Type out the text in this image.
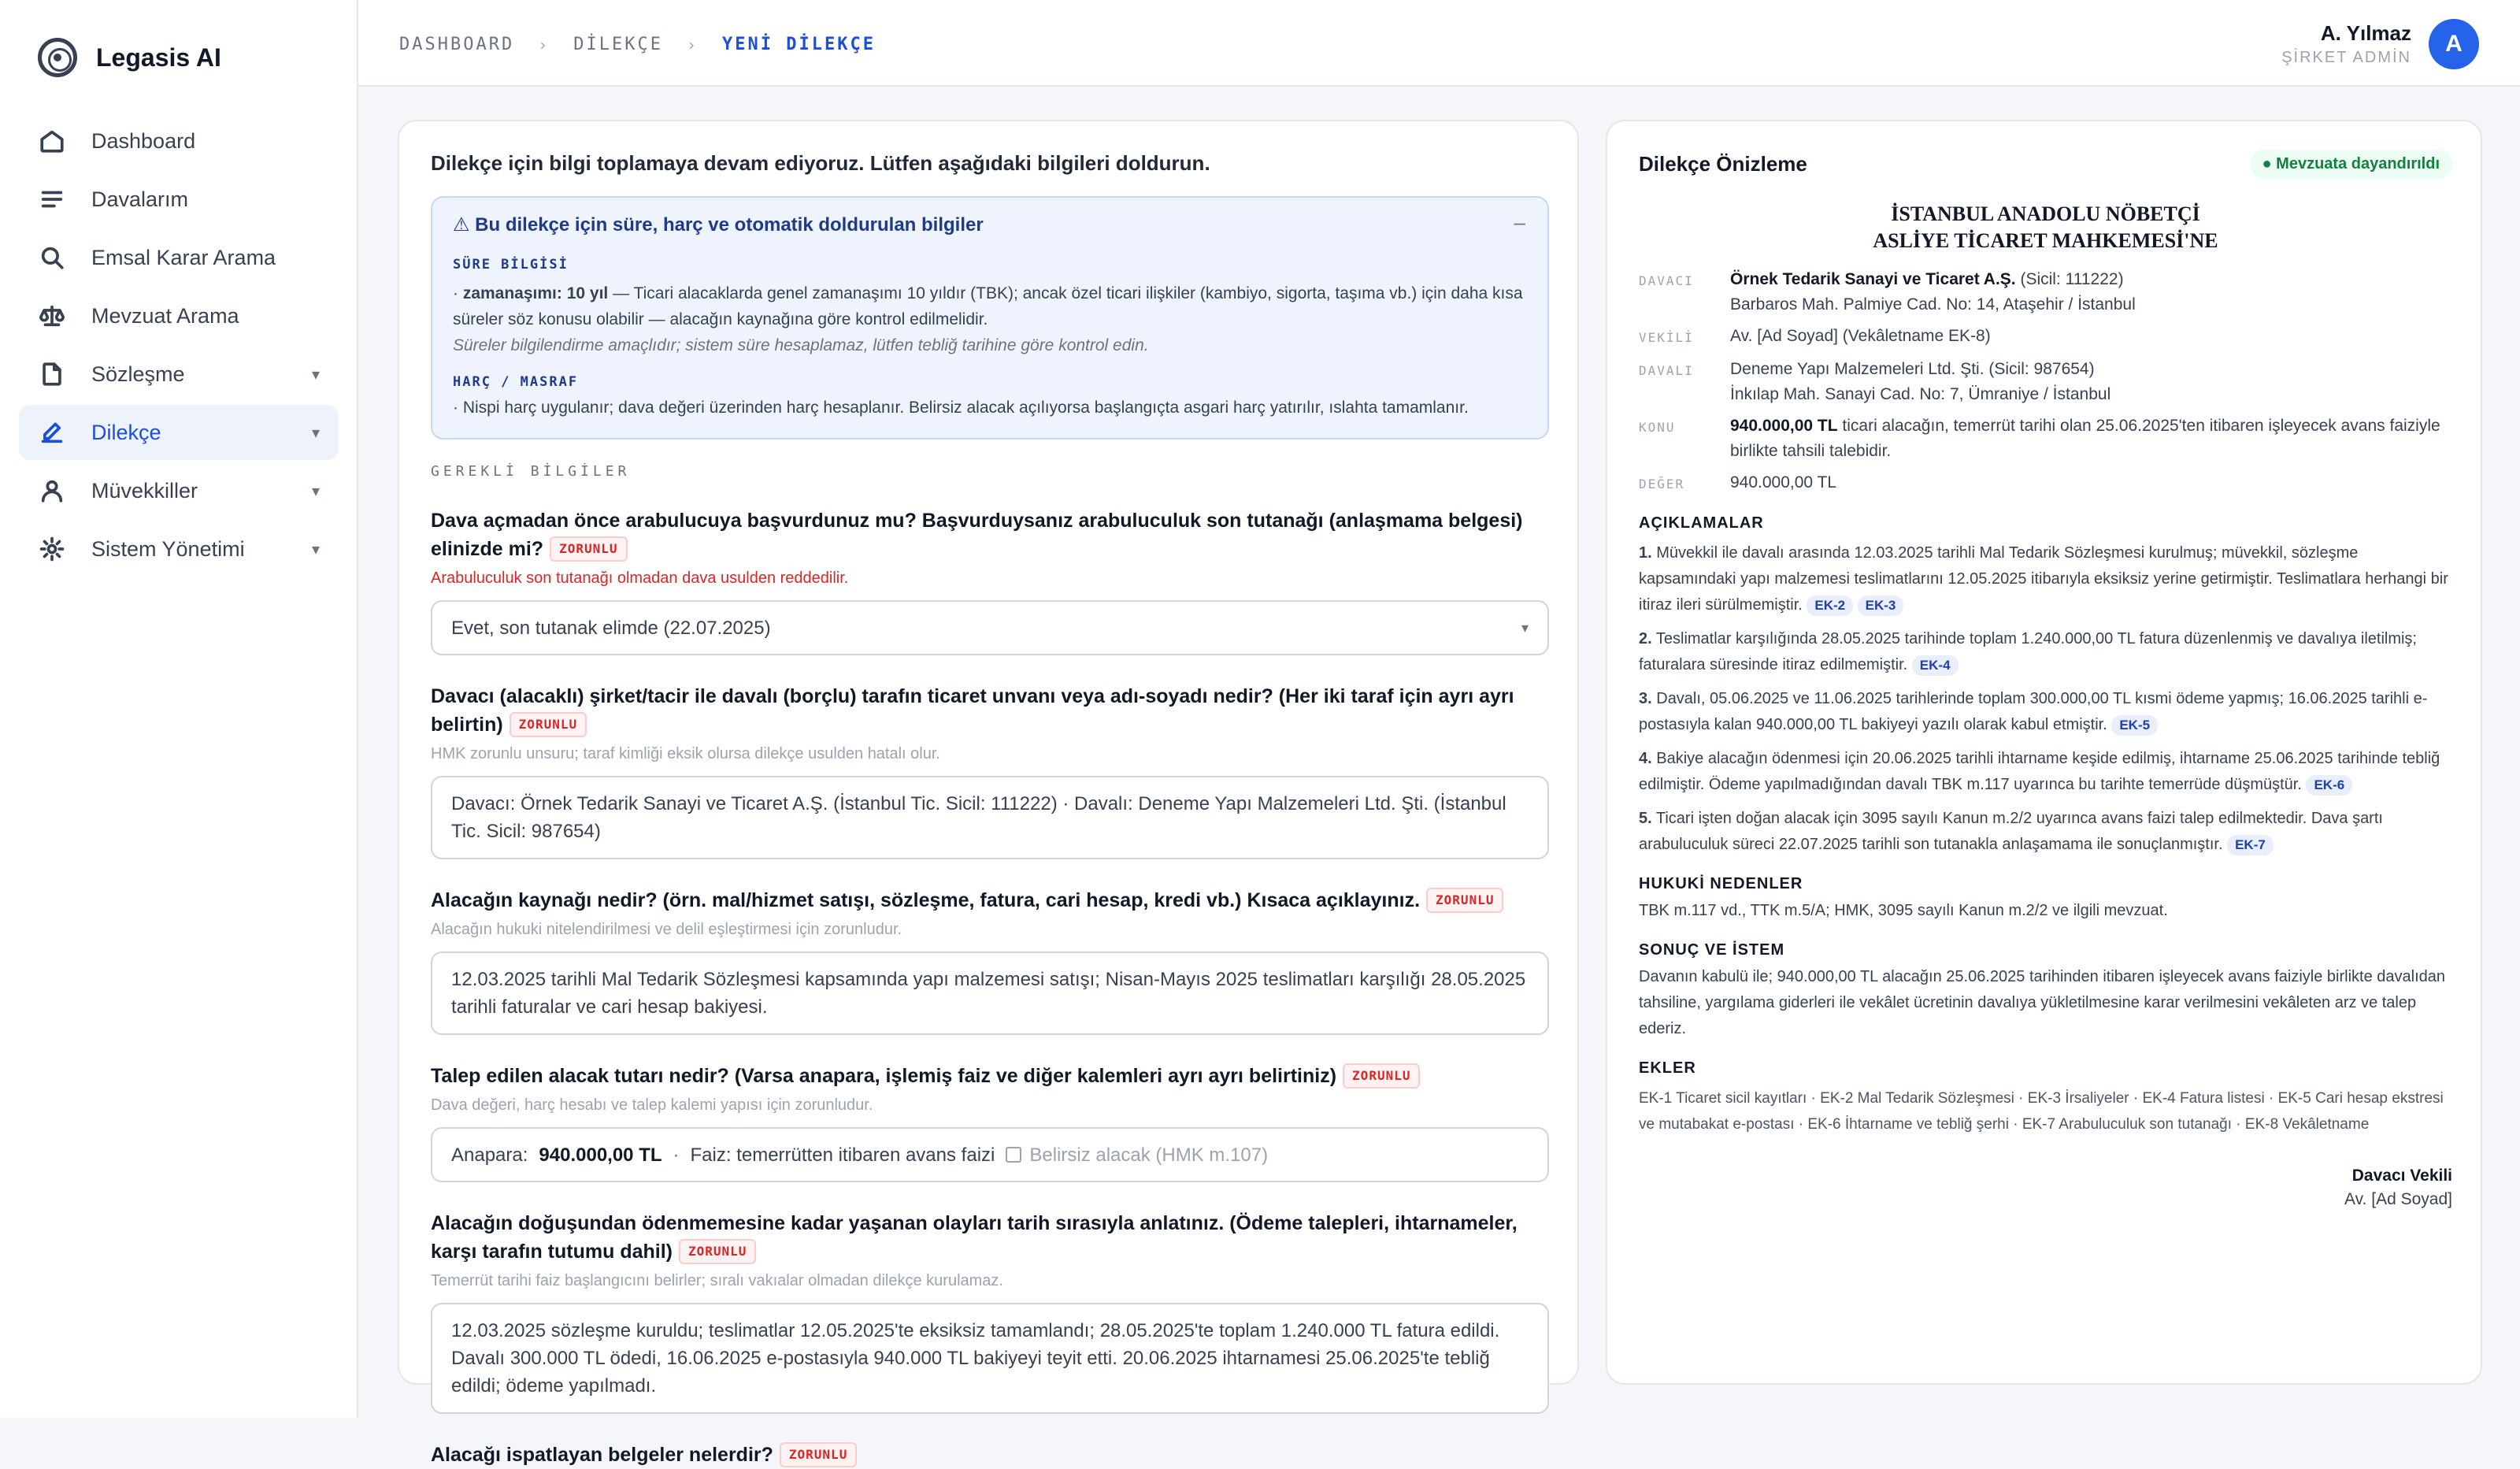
Legasis AI
Dashboard
Davalarım
Emsal Karar Arama
Mevzuat Arama
Sözleşme	▾
Dilekçe	▾
Müvekkiller	▾
Sistem Yönetimi	▾
DASHBOARD › DİLEKÇE › YENİ DİLEKÇE	A. Yılmaz
ŞİRKET ADMİN
A
Dilekçe için bilgi toplamaya devam ediyoruz. Lütfen aşağıdaki bilgileri doldurun.
⚠ Bu dilekçe için süre, harç ve otomatik doldurulan bilgiler	–
SÜRE BİLGİSİ
· zamanaşımı: 10 yıl — Ticari alacaklarda genel zamanaşımı 10 yıldır (TBK); ancak özel ticari ilişkiler (kambiyo, sigorta, taşıma vb.) için daha kısa süreler söz konusu olabilir — alacağın kaynağına göre kontrol edilmelidir.
Süreler bilgilendirme amaçlıdır; sistem süre hesaplamaz, lütfen tebliğ tarihine göre kontrol edin.
HARÇ / MASRAF
· Nispi harç uygulanır; dava değeri üzerinden harç hesaplanır. Belirsiz alacak açılıyorsa başlangıçta asgari harç yatırılır, ıslahta tamamlanır.
GEREKLİ BİLGİLER
Dava açmadan önce arabulucuya başvurdunuz mu? Başvurduysanız arabuluculuk son tutanağı (anlaşmama belgesi) elinizde mi? ZORUNLU
Arabuluculuk son tutanağı olmadan dava usulden reddedilir.
Evet, son tutanak elimde (22.07.2025)	▾
Davacı (alacaklı) şirket/tacir ile davalı (borçlu) tarafın ticaret unvanı veya adı-soyadı nedir? (Her iki taraf için ayrı ayrı belirtin) ZORUNLU
HMK zorunlu unsuru; taraf kimliği eksik olursa dilekçe usulden hatalı olur.
Davacı: Örnek Tedarik Sanayi ve Ticaret A.Ş. (İstanbul Tic. Sicil: 111222) · Davalı: Deneme Yapı Malzemeleri Ltd. Şti. (İstanbul Tic. Sicil: 987654)
Alacağın kaynağı nedir? (örn. mal/hizmet satışı, sözleşme, fatura, cari hesap, kredi vb.) Kısaca açıklayınız. ZORUNLU
Alacağın hukuki nitelendirilmesi ve delil eşleştirmesi için zorunludur.
12.03.2025 tarihli Mal Tedarik Sözleşmesi kapsamında yapı malzemesi satışı; Nisan-Mayıs 2025 teslimatları karşılığı 28.05.2025 tarihli faturalar ve cari hesap bakiyesi.
Talep edilen alacak tutarı nedir? (Varsa anapara, işlemiş faiz ve diğer kalemleri ayrı ayrı belirtiniz) ZORUNLU
Dava değeri, harç hesabı ve talep kalemi yapısı için zorunludur.
Anapara: 940.000,00 TL · Faiz: temerrütten itibaren avans faizi Belirsiz alacak (HMK m.107)
Alacağın doğuşundan ödenmemesine kadar yaşanan olayları tarih sırasıyla anlatınız. (Ödeme talepleri, ihtarnameler, karşı tarafın tutumu dahil) ZORUNLU
Temerrüt tarihi faiz başlangıcını belirler; sıralı vakıalar olmadan dilekçe kurulamaz.
12.03.2025 sözleşme kuruldu; teslimatlar 12.05.2025'te eksiksiz tamamlandı; 28.05.2025'te toplam 1.240.000 TL fatura edildi. Davalı 300.000 TL ödedi, 16.06.2025 e-postasıyla 940.000 TL bakiyeyi teyit etti. 20.06.2025 ihtarnamesi 25.06.2025'te tebliğ edildi; ödeme yapılmadı.
Alacağı ispatlayan belgeler nelerdir? ZORUNLU
Dilekçe Önizleme	● Mevzuata dayandırıldı
İSTANBUL ANADOLU NÖBETÇİ
ASLİYE TİCARET MAHKEMESİ'NE
DAVACI	Örnek Tedarik Sanayi ve Ticaret A.Ş. (Sicil: 111222)
Barbaros Mah. Palmiye Cad. No: 14, Ataşehir / İstanbul
VEKİLİ	Av. [Ad Soyad] (Vekâletname EK-8)
DAVALI	Deneme Yapı Malzemeleri Ltd. Şti. (Sicil: 987654)
İnkılap Mah. Sanayi Cad. No: 7, Ümraniye / İstanbul
KONU	940.000,00 TL ticari alacağın, temerrüt tarihi olan 25.06.2025'ten itibaren işleyecek avans faiziyle birlikte tahsili talebidir.
DEĞER	940.000,00 TL
AÇIKLAMALAR
1. Müvekkil ile davalı arasında 12.03.2025 tarihli Mal Tedarik Sözleşmesi kurulmuş; müvekkil, sözleşme kapsamındaki yapı malzemesi teslimatlarını 12.05.2025 itibarıyla eksiksiz yerine getirmiştir. Teslimatlara herhangi bir itiraz ileri sürülmemiştir. EK-2 EK-3
2. Teslimatlar karşılığında 28.05.2025 tarihinde toplam 1.240.000,00 TL fatura düzenlenmiş ve davalıya iletilmiş; faturalara süresinde itiraz edilmemiştir. EK-4
3. Davalı, 05.06.2025 ve 11.06.2025 tarihlerinde toplam 300.000,00 TL kısmi ödeme yapmış; 16.06.2025 tarihli e-postasıyla kalan 940.000,00 TL bakiyeyi yazılı olarak kabul etmiştir. EK-5
4. Bakiye alacağın ödenmesi için 20.06.2025 tarihli ihtarname keşide edilmiş, ihtarname 25.06.2025 tarihinde tebliğ edilmiştir. Ödeme yapılmadığından davalı TBK m.117 uyarınca bu tarihte temerrüde düşmüştür. EK-6
5. Ticari işten doğan alacak için 3095 sayılı Kanun m.2/2 uyarınca avans faizi talep edilmektedir. Dava şartı arabuluculuk süreci 22.07.2025 tarihli son tutanakla anlaşamama ile sonuçlanmıştır. EK-7
HUKUKİ NEDENLER
TBK m.117 vd., TTK m.5/A; HMK, 3095 sayılı Kanun m.2/2 ve ilgili mevzuat.
SONUÇ VE İSTEM
Davanın kabulü ile; 940.000,00 TL alacağın 25.06.2025 tarihinden itibaren işleyecek avans faiziyle birlikte davalıdan tahsiline, yargılama giderleri ile vekâlet ücretinin davalıya yükletilmesine karar verilmesini vekâleten arz ve talep ederiz.
EKLER
EK-1 Ticaret sicil kayıtları · EK-2 Mal Tedarik Sözleşmesi · EK-3 İrsaliyeler · EK-4 Fatura listesi · EK-5 Cari hesap ekstresi ve mutabakat e-postası · EK-6 İhtarname ve tebliğ şerhi · EK-7 Arabuluculuk son tutanağı · EK-8 Vekâletname
Davacı Vekili
Av. [Ad Soyad]
